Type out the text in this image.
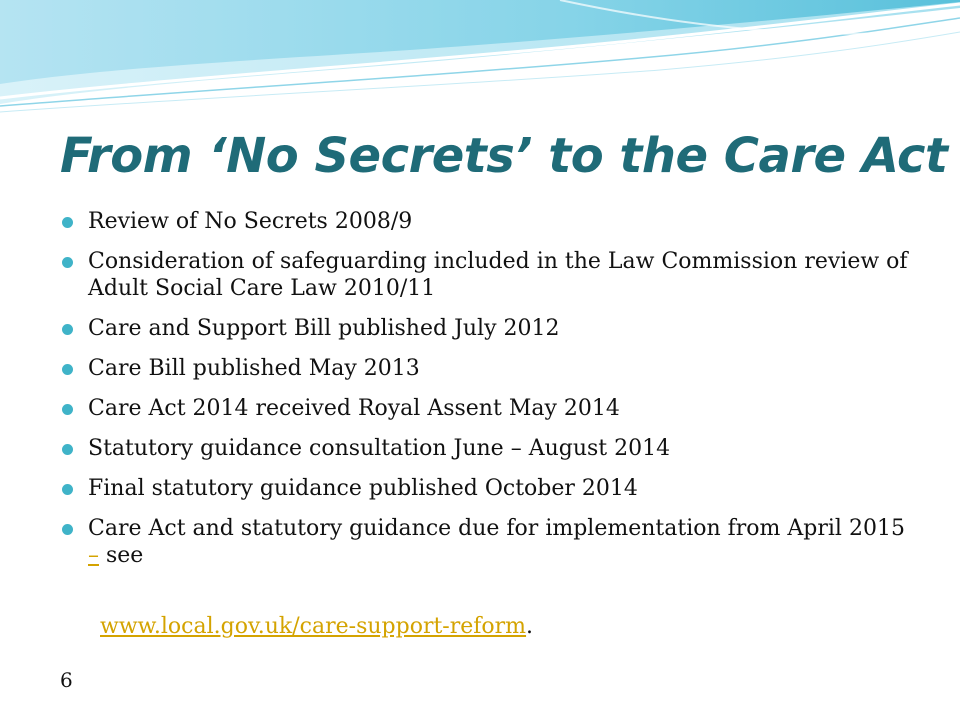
From ‘No Secrets’ to the Care Act
Review of No Secrets 2008/9
Consideration of safeguarding included in the Law Commission review of Adult Social Care Law 2010/11
Care and Support Bill published July 2012
Care Bill published May 2013
Care Act 2014 received Royal Assent May 2014
Statutory guidance consultation June – August 2014
Final statutory guidance published October 2014
Care Act and statutory guidance due for implementation from April 2015 – see
www.local.gov.uk/care-support-reform.
6
